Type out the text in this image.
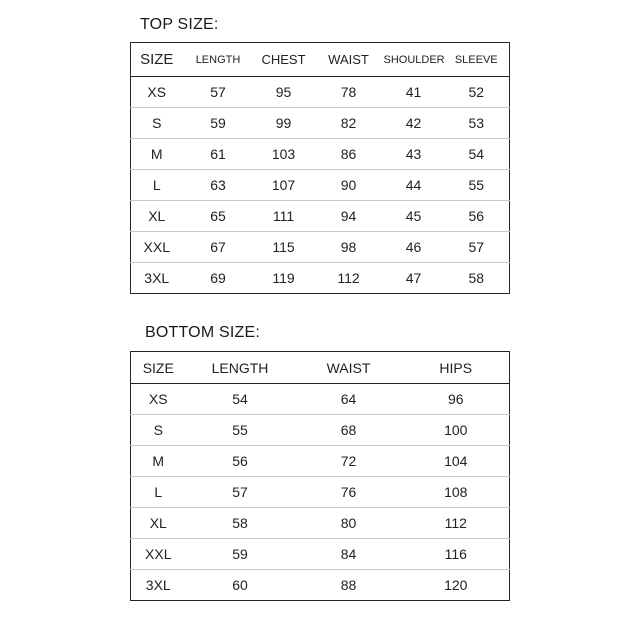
TOP SIZE:
SIZE	LENGTH	CHEST	WAIST	SHOULDER	SLEEVE
XS	57	95	78	41	52
S	59	99	82	42	53
M	61	103	86	43	54
L	63	107	90	44	55
XL	65	111	94	45	56
XXL	67	115	98	46	57
3XL	69	119	112	47	58
BOTTOM SIZE:
SIZE	LENGTH	WAIST	HIPS
XS	54	64	96
S	55	68	100
M	56	72	104
L	57	76	108
XL	58	80	112
XXL	59	84	116
3XL	60	88	120
